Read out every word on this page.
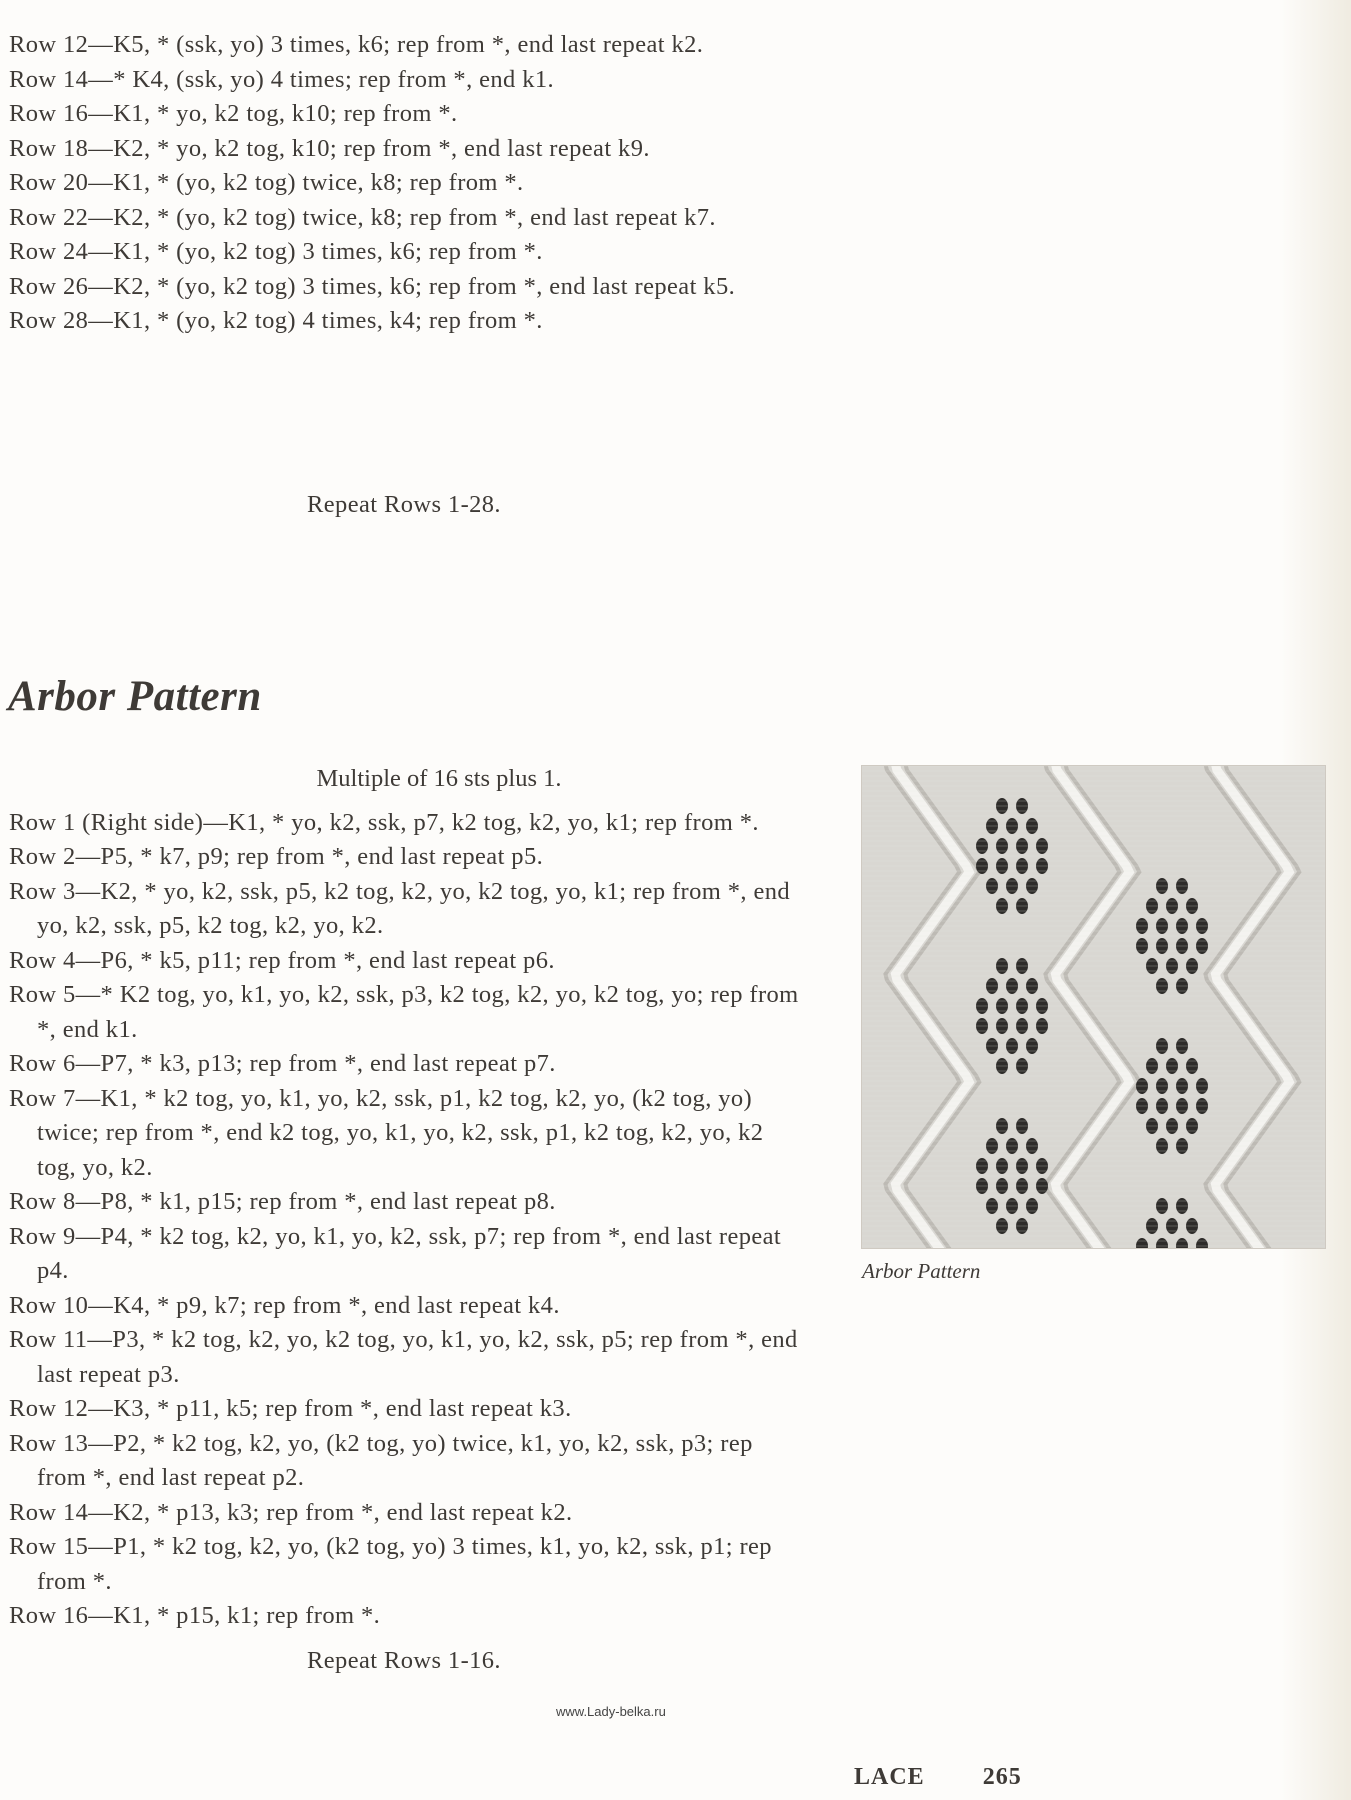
Row 12—K5, * (ssk, yo) 3 times, k6; rep from *, end last repeat k2.

Row 14—* K4, (ssk, yo) 4 times; rep from *, end k1.

Row 16—K1, * yo, k2 tog, k10; rep from *.

Row 18—K2, * yo, k2 tog, k10; rep from *, end last repeat k9.

Row 20—K1, * (yo, k2 tog) twice, k8; rep from *.

Row 22—K2, * (yo, k2 tog) twice, k8; rep from *, end last repeat k7.

Row 24—K1, * (yo, k2 tog) 3 times, k6; rep from *.

Row 26—K2, * (yo, k2 tog) 3 times, k6; rep from *, end last repeat k5.

Row 28—K1, * (yo, k2 tog) 4 times, k4; rep from *.

Repeat Rows 1-28.

Arbor Pattern

Multiple of 16 sts plus 1.

Row 1 (Right side)—K1, * yo, k2, ssk, p7, k2 tog, k2, yo, k1; rep from *.

Row 2—P5, * k7, p9; rep from *, end last repeat p5.

Row 3—K2, * yo, k2, ssk, p5, k2 tog, k2, yo, k2 tog, yo, k1; rep from *, end yo, k2, ssk, p5, k2 tog, k2, yo, k2.

Row 4—P6, * k5, p11; rep from *, end last repeat p6.

Row 5—* K2 tog, yo, k1, yo, k2, ssk, p3, k2 tog, k2, yo, k2 tog, yo; rep from *, end k1.

Row 6—P7, * k3, p13; rep from *, end last repeat p7.

Row 7—K1, * k2 tog, yo, k1, yo, k2, ssk, p1, k2 tog, k2, yo, (k2 tog, yo) twice; rep from *, end k2 tog, yo, k1, yo, k2, ssk, p1, k2 tog, k2, yo, k2 tog, yo, k2.

Row 8—P8, * k1, p15; rep from *, end last repeat p8.

Row 9—P4, * k2 tog, k2, yo, k1, yo, k2, ssk, p7; rep from *, end last repeat p4.

Row 10—K4, * p9, k7; rep from *, end last repeat k4.

Row 11—P3, * k2 tog, k2, yo, k2 tog, yo, k1, yo, k2, ssk, p5; rep from *, end last repeat p3.

Row 12—K3, * p11, k5; rep from *, end last repeat k3.

Row 13—P2, * k2 tog, k2, yo, (k2 tog, yo) twice, k1, yo, k2, ssk, p3; rep from *, end last repeat p2.

Row 14—K2, * p13, k3; rep from *, end last repeat k2.

Row 15—P1, * k2 tog, k2, yo, (k2 tog, yo) 3 times, k1, yo, k2, ssk, p1; rep from *.

Row 16—K1, * p15, k1; rep from *.

Repeat Rows 1-16.

Arbor Pattern

www.Lady-belka.ru

LACE 265
